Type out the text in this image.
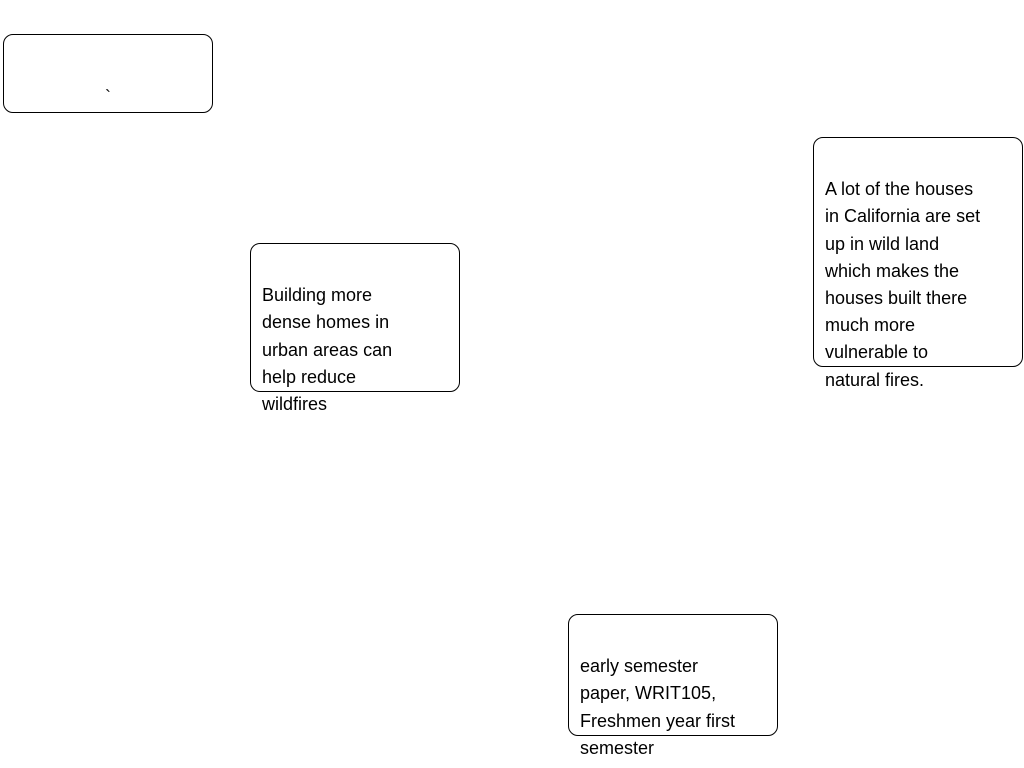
`

Building more
dense homes in
urban areas can
help reduce
wildfires

A lot of the houses
in California are set
up in wild land
which makes the
houses built there
much more
vulnerable to
natural fires.

early semester
paper, WRIT105,
Freshmen year first
semester
